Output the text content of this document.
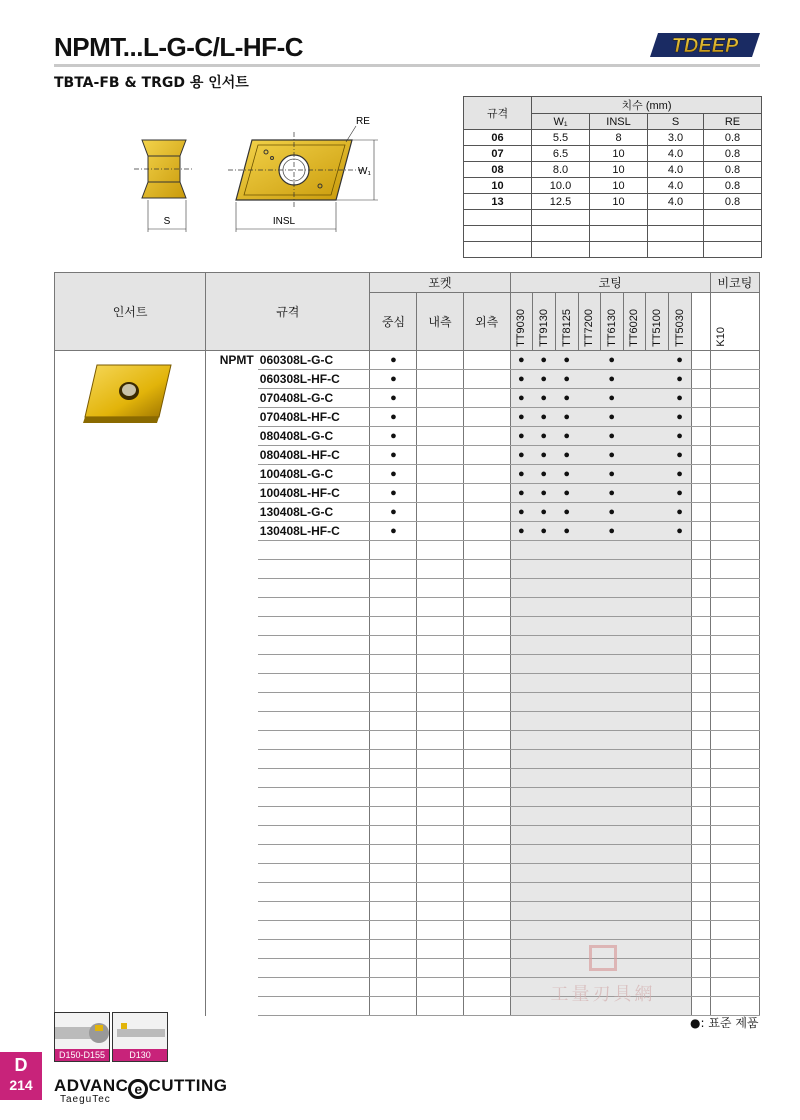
NPMT...L-G-C/L-HF-C
TBTA-FB & TRGD 용 인서트
TDEEP
S
W₁
RE
INSL
규격	치수 (mm)			
	W₁	INSL	S	RE
06	5.5	8	3.0	0.8
07	6.5	10	4.0	0.8
08	8.0	10	4.0	0.8
10	10.0	10	4.0	0.8
13	12.5	10	4.0	0.8

인서트	규격		포켓			코팅									비코팅
			중심	내측	외측	TT9030	TT9130	TT8125	TT7200	TT6130	TT6020	TT5100	TT5030		K10
	NPMT	060308L-G-C	●			●	●	●		●			●		
		060308L-HF-C	●			●	●	●		●			●		
		070408L-G-C	●			●	●	●		●			●		
		070408L-HF-C	●			●	●	●		●			●		
		080408L-G-C	●			●	●	●		●			●		
		080408L-HF-C	●			●	●	●		●			●		
		100408L-G-C	●			●	●	●		●			●		
		100408L-HF-C	●			●	●	●		●			●		
		130408L-G-C	●			●	●	●		●			●		
		130408L-HF-C	●			●	●	●		●			●		

●: 표준 제품
工量刃具網
D150-D155	D130
D
214	ADVANC e CUTTING
TaeguTec
